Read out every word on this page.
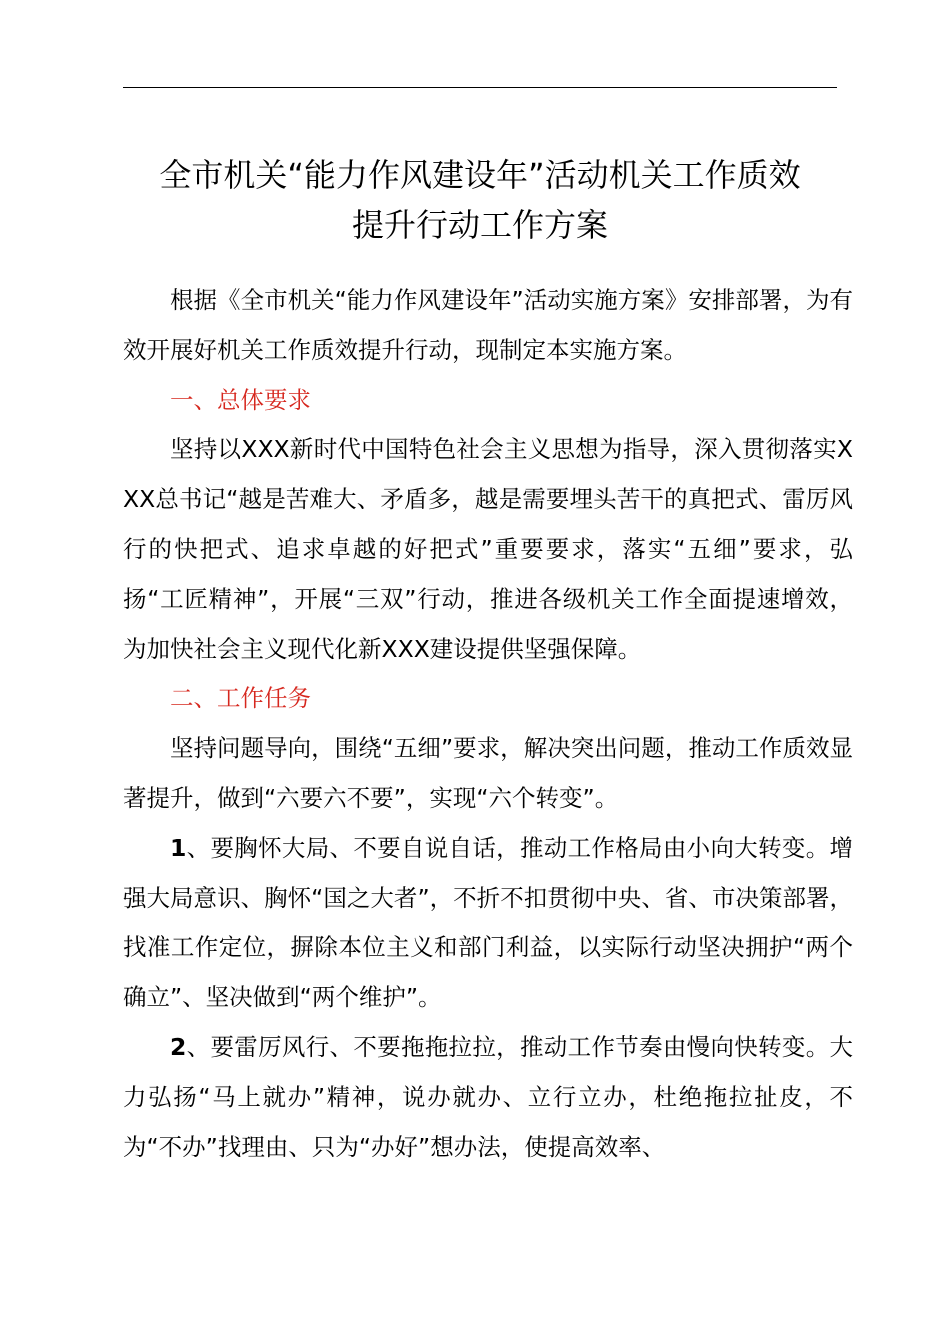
全市机关“能力作风建设年”活动机关工作质效
提升行动工作方案

根据《全市机关“能力作风建设年”活动实施方案》安排部署，为有效开展好机关工作质效提升行动，现制定本实施方案。

一、总体要求

坚持以XXX新时代中国特色社会主义思想为指导，深入贯彻落实XXX总书记“越是苦难大、矛盾多，越是需要埋头苦干的真把式、雷厉风行的快把式、追求卓越的好把式”重要要求，落实“五细”要求，弘扬“工匠精神”，开展“三双”行动，推进各级机关工作全面提速增效，为加快社会主义现代化新XXX建设提供坚强保障。

二、工作任务

坚持问题导向，围绕“五细”要求，解决突出问题，推动工作质效显著提升，做到“六要六不要”，实现“六个转变”。

1、要胸怀大局、不要自说自话，推动工作格局由小向大转变。增强大局意识、胸怀“国之大者”，不折不扣贯彻中央、省、市决策部署，找准工作定位，摒除本位主义和部门利益，以实际行动坚决拥护“两个确立”、坚决做到“两个维护”。

2、要雷厉风行、不要拖拖拉拉，推动工作节奏由慢向快转变。大力弘扬“马上就办”精神，说办就办、立行立办，杜绝拖拉扯皮，不为“不办”找理由、只为“办好”想办法，使提高效率、
